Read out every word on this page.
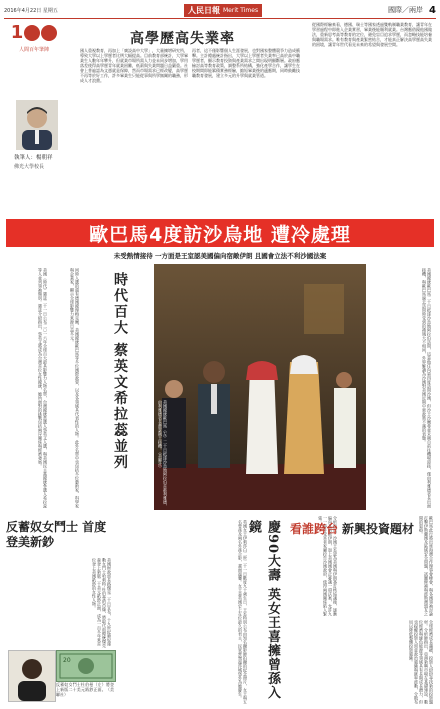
2016年4月22日 星期五	人民日報 Merit Times	國際／兩岸 4
1
人間百年筆陣
高學歷高失業率
執筆人：楊朝祥
佛光大學校長
國人重視教育，再加上「廣設高中大學」，大量擴增研究所，導致大學以上學歷者比例大幅提高。目前教育部統計，大學畢業生人數年年攀升，但就業市場所需人力並未同步增加，學用落差使得高學歷青年就業困難，低薪與失業問題日益嚴重。社會上普遍認為文憑就是保障，然而市場需求已經改變，高學歷不再等於好工作，許多畢業生只能從事與所學無關的職務，形成人才浪費。
再者，這不僅影響個人生涯發展，也對國家整體競爭力造成衝擊。主計總處統計指出，大學以上學歷者失業率已高於高中職學歷者，顯示教育投資與產業需求之間出現明顯斷層。政府應檢討高等教育政策，調整系所結構，強化產學合作，讓學生在校期間即能累積實務經驗，縮短畢業後的適應期，同時鼓勵技職教育發展，建立多元的升學與就業管道。
從國際經驗來看，德國、瑞士等國家透過雙軌制職業教育，讓青年在學習過程中即進入企業實習，畢業後能順利就業。台灣應借鏡他國做法，重新思考高等教育的定位，避免盲目追求學歷，而忽略技能培養與職場需求。唯有教育與產業緊密結合，才能真正解決高學歷高失業的困境，讓青年世代看見未來的希望與發展空間。
歐巴馬4度訪沙烏地 遭冷處理
未受熱情接待 一方面是王室認美國偏向宿敵伊朗 且國會立法不利沙國法案
美國《時代》雜誌二十一日公布二〇一六年全球百大最具影響力人物名單，台灣總統當選人蔡英文入選，與美國民主黨總統參選人希拉蕊等人並列領袖類別。雜誌介紹指出，蔡英文將成為台灣首位女性總統，她所面對的挑戰包括兩岸關係與經濟發展。	同時入選的還有德國總理梅克爾、美國總統歐巴馬等多位國際政要，以及各領域具代表性的人物。此外名單中也包括多位藝術家、科學家與企業家，顯示全球影響力來源日益多元。	時代百大 蔡英文希拉蕊並列	美國總統歐巴馬（左）二十日抵達沙烏地阿拉伯首都利雅德，由利雅德省長費瑟親王接機。（美聯社）	美國總統歐巴馬二十日抵達沙烏地阿拉伯訪問，這是他任內第四度訪問沙國，但沙王沙爾曼並未親自前往機場迎接，僅由利雅德省長出面接機，與歐巴馬過去訪問時受到的禮遇大不相同，外界解讀為沙國對美國近期中東政策不滿的表態。
分析指出，沙國王室認為美國與伊朗簽訂核協議後，逐漸偏向其宿敵伊朗，加上美國國會正審議一項法案，允許九一一事件受害者家屬控告沙國政府，使得兩國關係陷入緊張。	歐巴馬此行將出席海灣合作理事會峰會，與各國領袖討論打擊伊斯蘭國及區域安全問題，試圖修補與波斯灣盟友之間的裂痕。
反蓄奴女鬥士 首度登美新鈔
美國財政部長路傑克二十日宣布，十九世紀廢奴運動女鬥士哈莉特‧杜伯曼的肖像，將取代前總統傑克森登上新版二十美元紙鈔正面，成為一百多年來首位登上美國紙鈔的女性人物。
20
反蓄奴女鬥士杜伯曼（左）將登上新版二十美元紙鈔正面。（美聯社）	慶90大壽 英女王喜擁曾孫入鏡
英國女王伊莉莎白二世二十一日歡度九十歲生日，王室特別公布由知名攝影師拍攝的紀念照片，女王與五名曾孫及兩名外孫合影，畫面溫馨。女王是英國史上在位最久的君主，民眾齊聚溫莎城堡外為她慶生。	看誰跨台 新興投資題材
全球經濟成長趨緩，投資人紛紛尋找新的投資題材。分析師指出，亞洲新興市場在基礎建設、數位經濟與綠色能源等領域具有長期成長潛力，但也提醒投資人留意政治風險與匯率波動，分散布局以降低整體投資風險。
